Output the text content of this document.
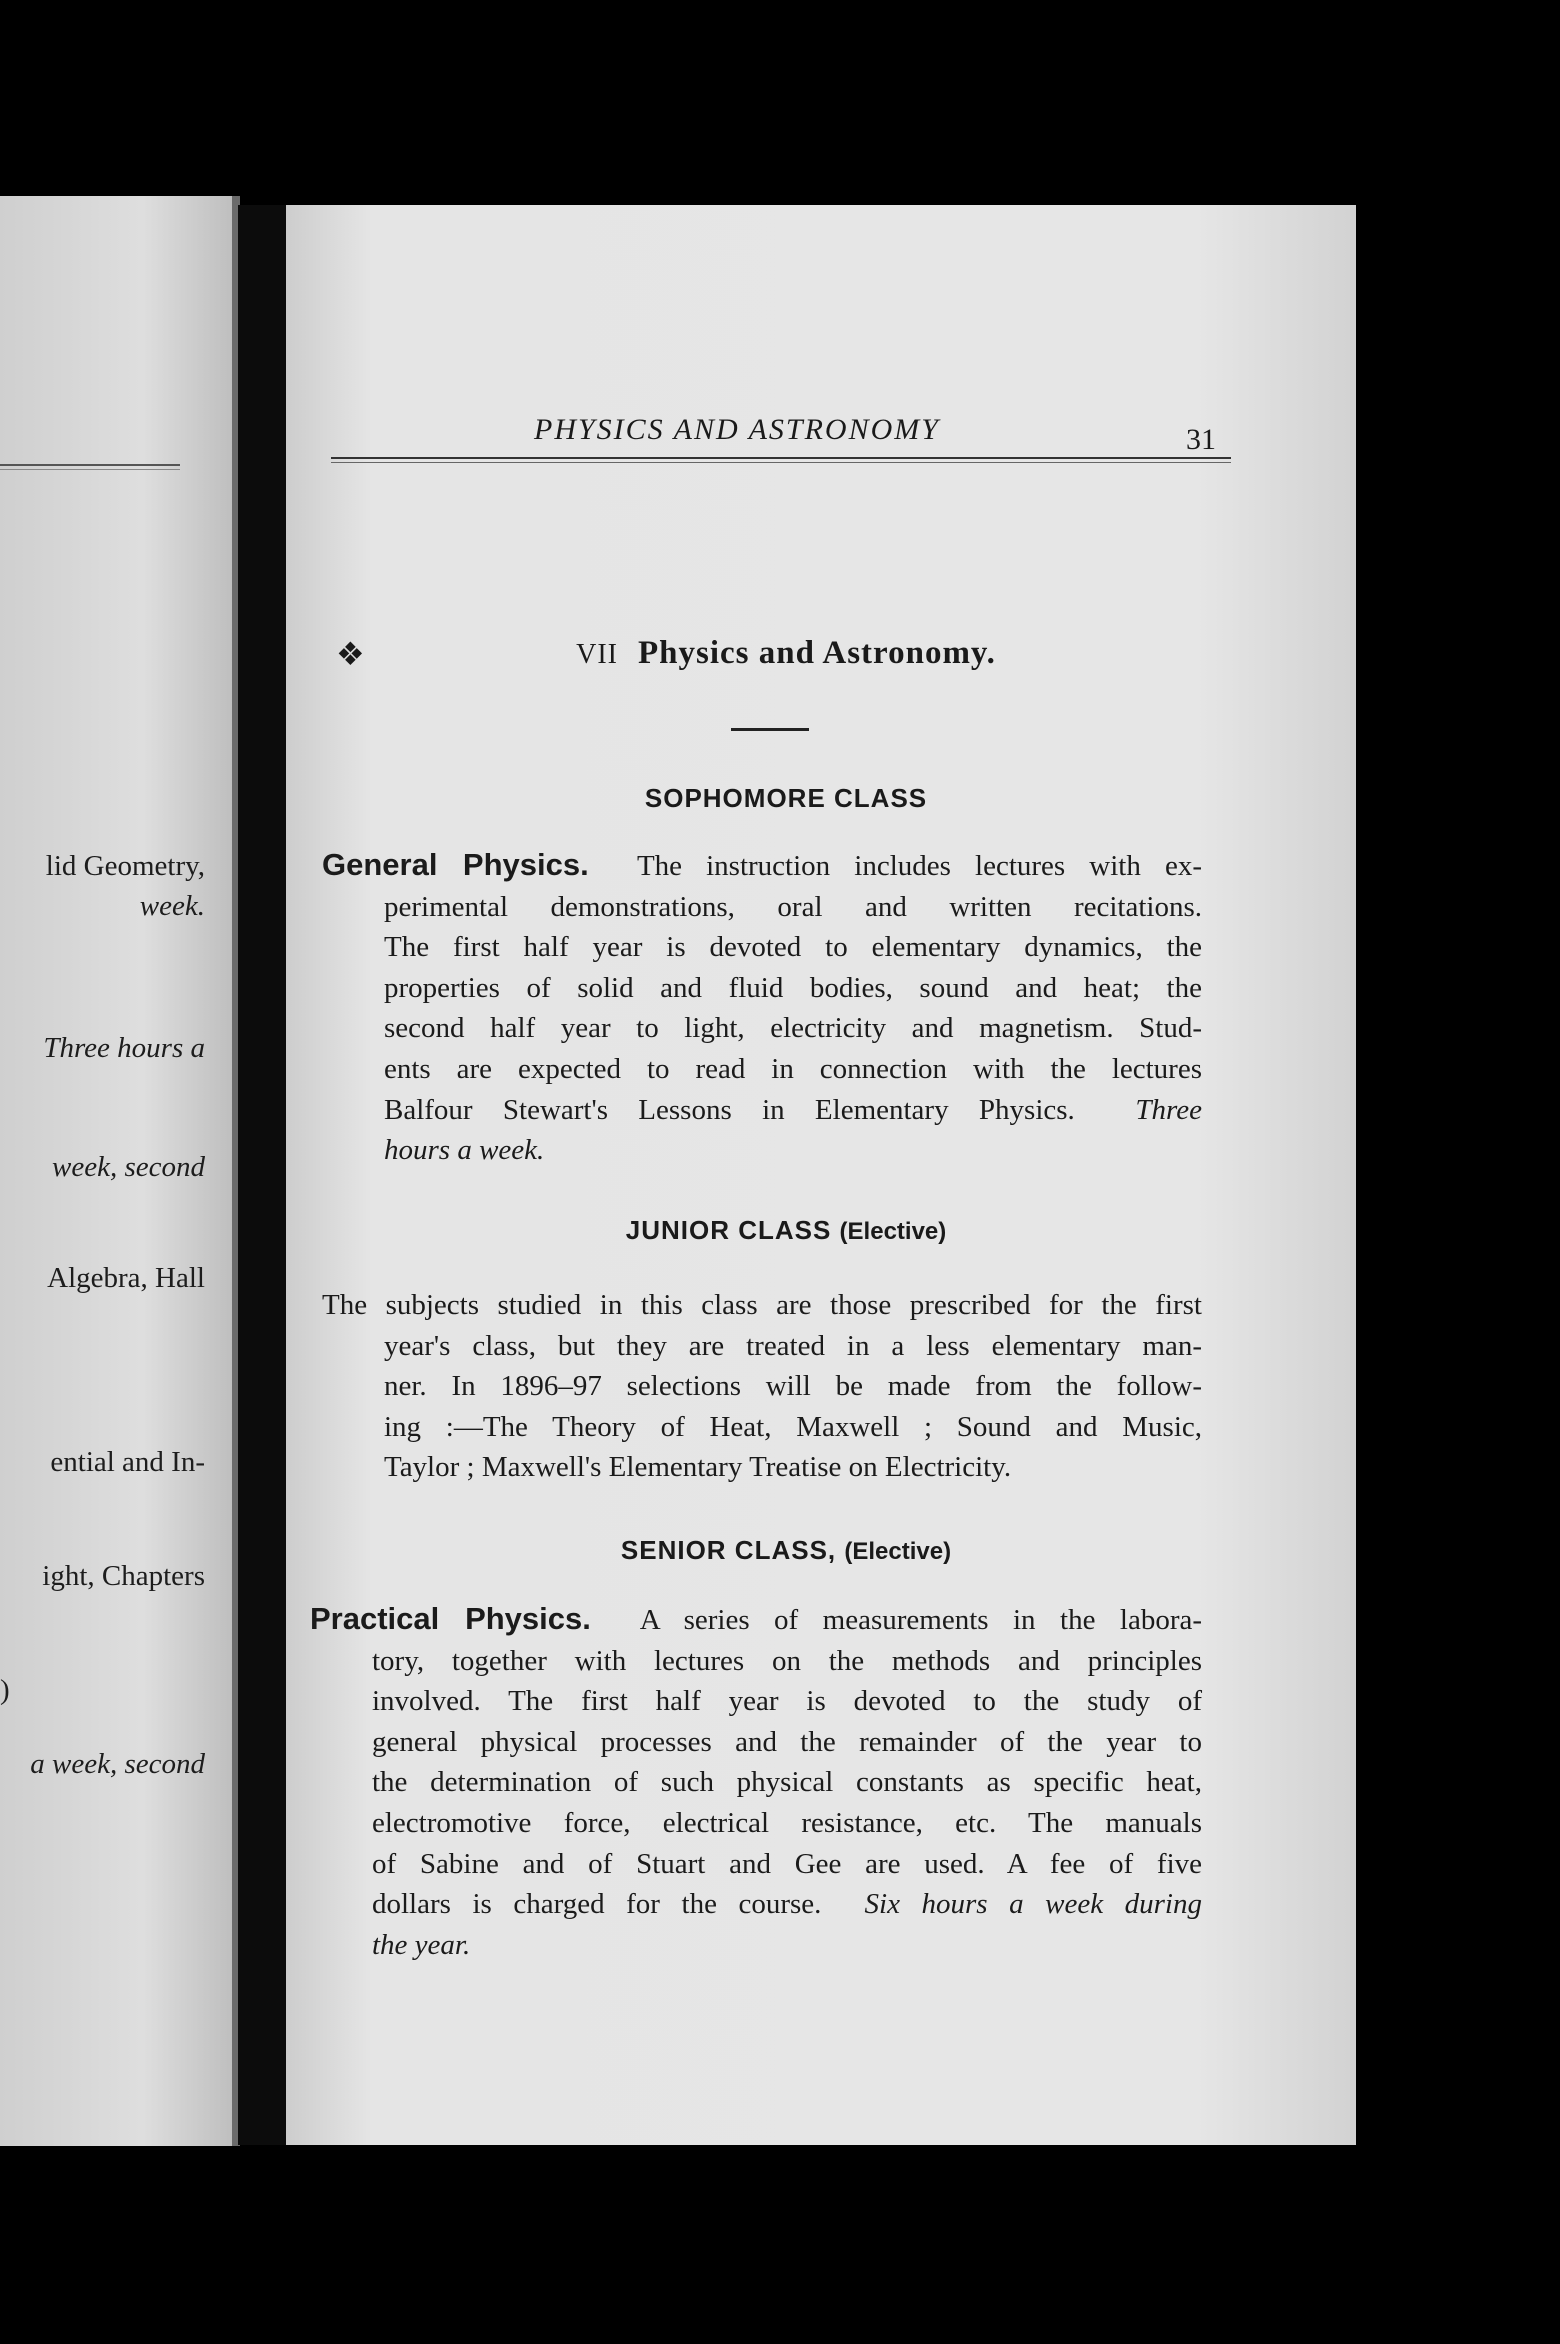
lid Geometry,
week.
Three hours a
week, second
Algebra, Hall
ential and In-
ight, Chapters
)
a week, second
PHYSICS AND ASTRONOMY	31
❖	VII Physics and Astronomy.
SOPHOMORE CLASS
General Physics. The instruction includes lectures with ex-
perimental demonstrations, oral and written recitations.
The first half year is devoted to elementary dynamics, the
properties of solid and fluid bodies, sound and heat; the
second half year to light, electricity and magnetism. Stud-
ents are expected to read in connection with the lectures
Balfour Stewart's Lessons in Elementary Physics. Three
hours a week.
JUNIOR CLASS (Elective)
The subjects studied in this class are those prescribed for the first
year's class, but they are treated in a less elementary man-
ner. In 1896–97 selections will be made from the follow-
ing :—The Theory of Heat, Maxwell ; Sound and Music,
Taylor ; Maxwell's Elementary Treatise on Electricity.
SENIOR CLASS, (Elective)
Practical Physics. A series of measurements in the labora-
tory, together with lectures on the methods and principles
involved. The first half year is devoted to the study of
general physical processes and the remainder of the year to
the determination of such physical constants as specific heat,
electromotive force, electrical resistance, etc. The manuals
of Sabine and of Stuart and Gee are used. A fee of five
dollars is charged for the course. Six hours a week during
the year.
